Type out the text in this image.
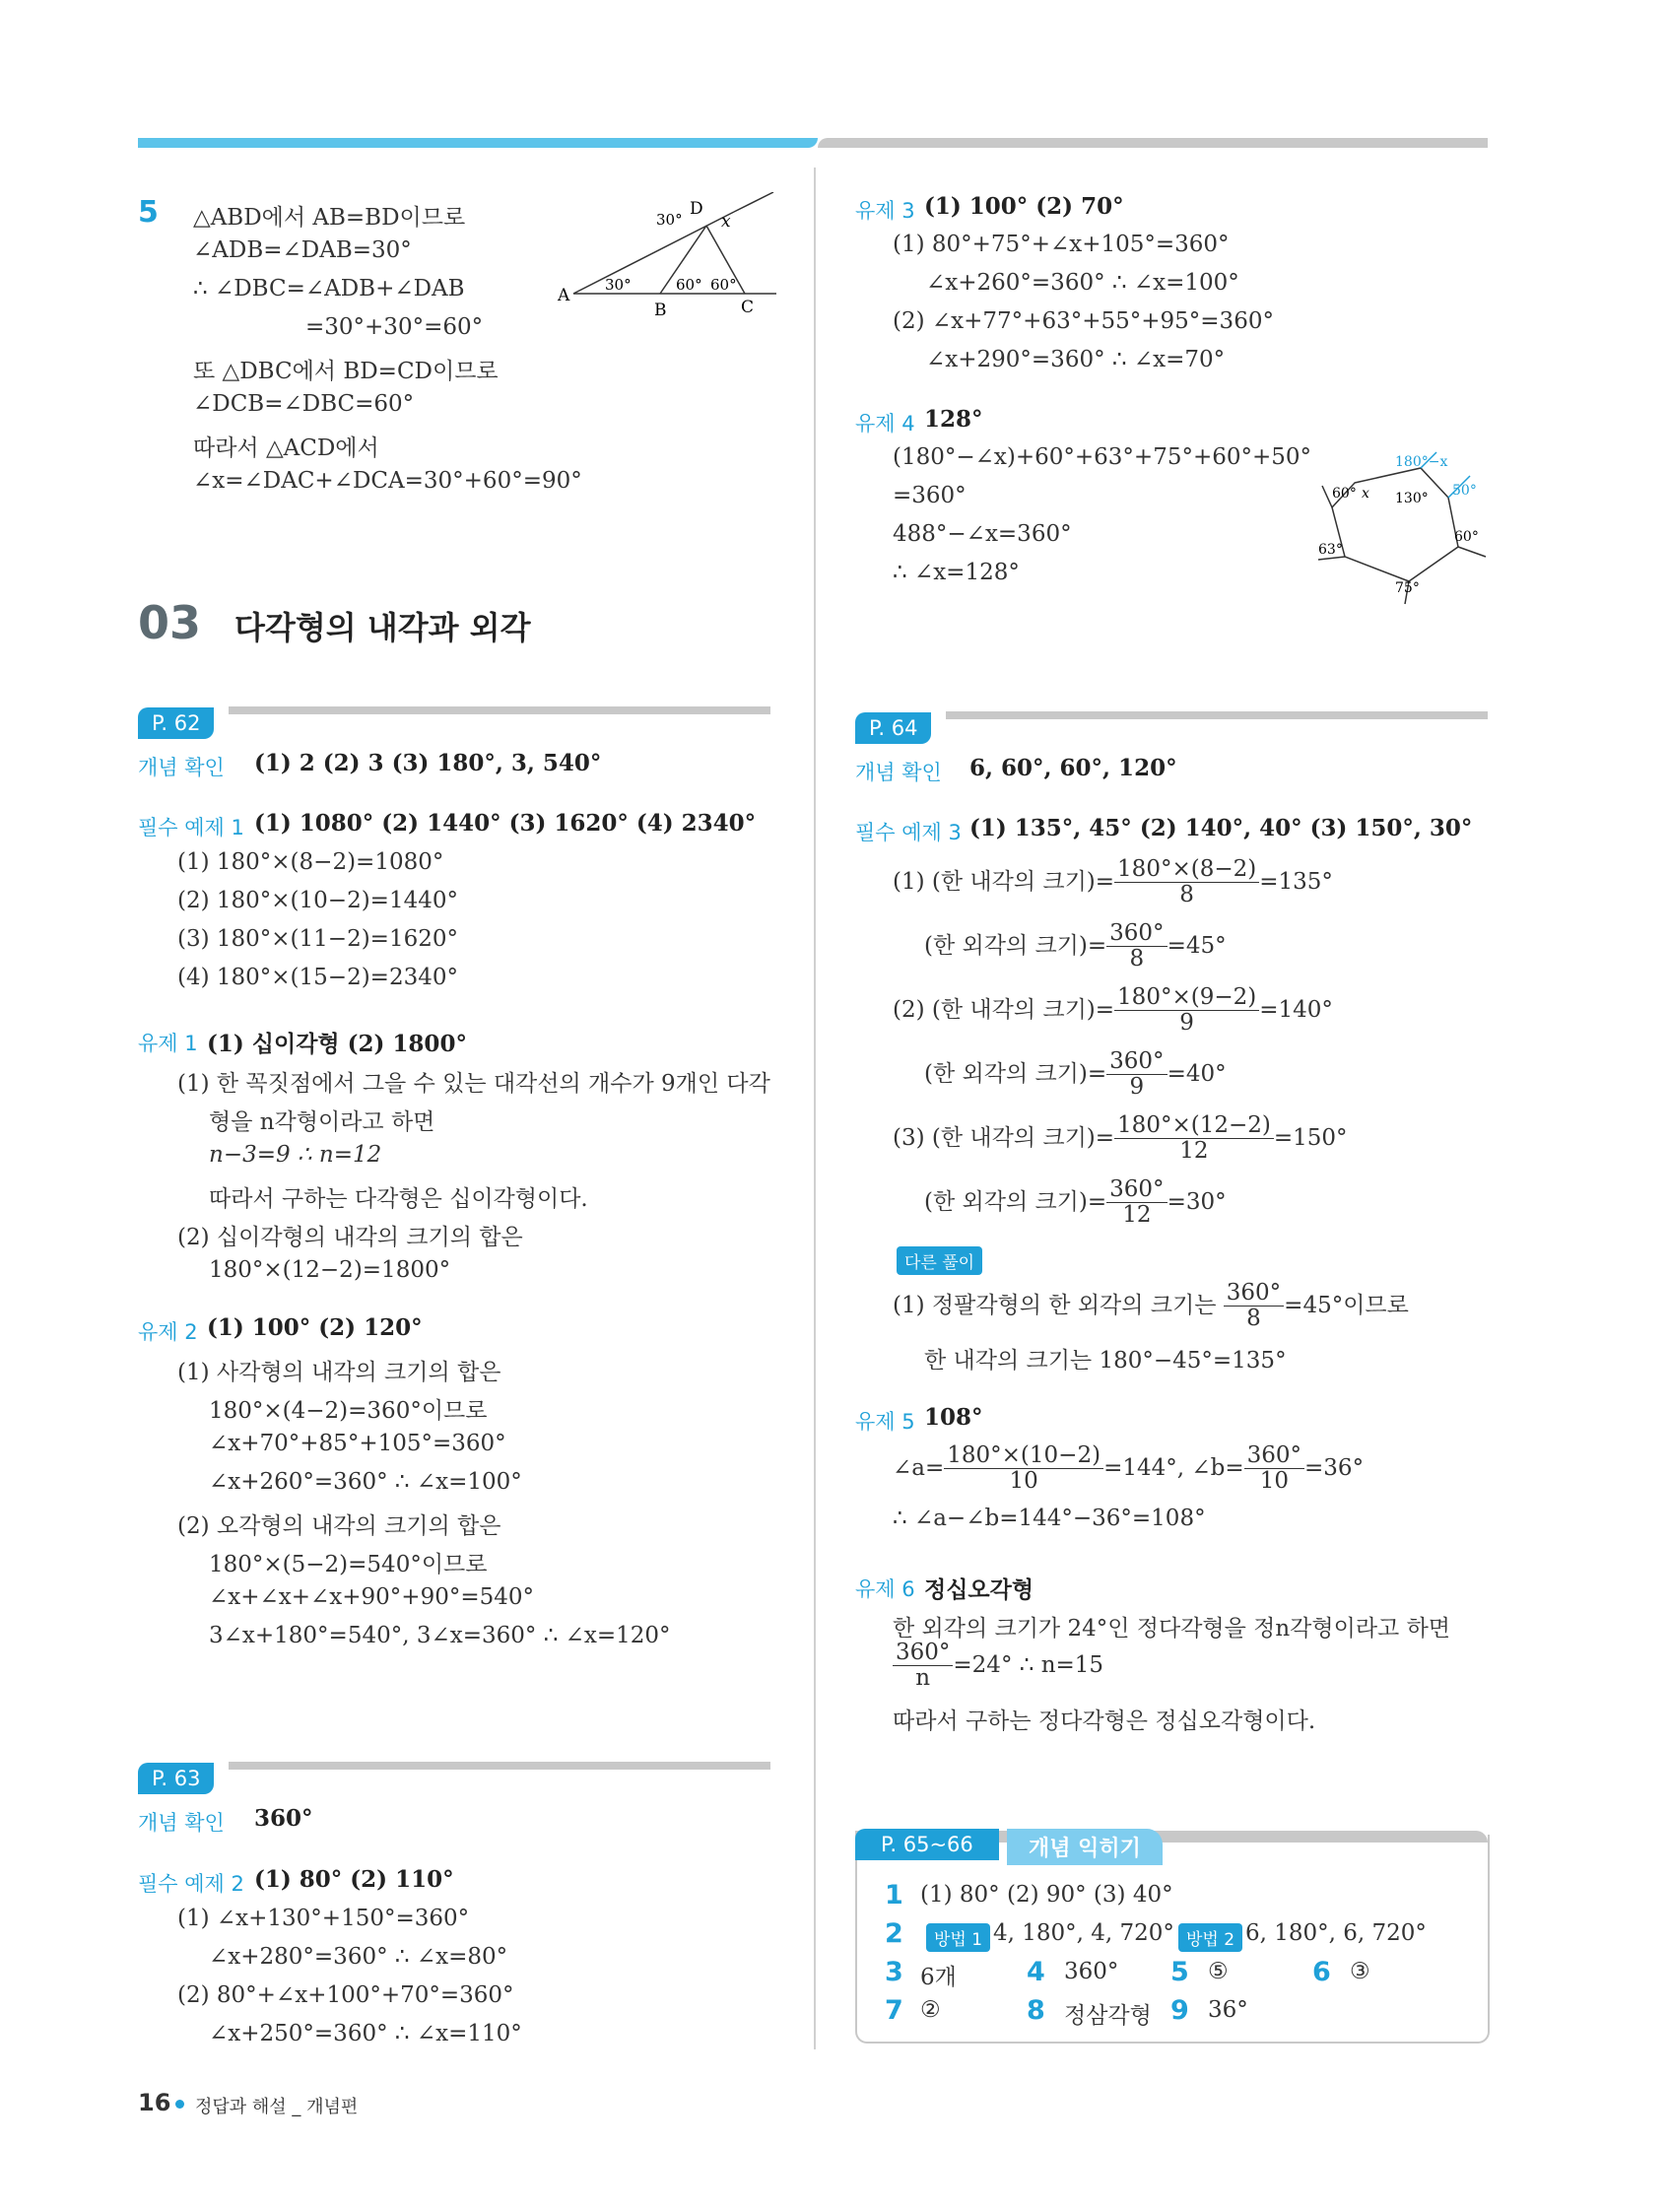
5 △ABD에서 AB=BD이므로
∠ADB=∠DAB=30°
∴ ∠DBC=∠ADB+∠DAB
=30°+30°=60°
또 △DBC에서 BD=CD이므로
∠DCB=∠DBC=60°
따라서 △ACD에서
∠x=∠DAC+∠DCA=30°+60°=90°
A
B	C
D
30°
30°	60° 60°
x
03 다각형의 내각과 외각
P. 62
개념 확인 (1) 2 (2) 3 (3) 180°, 3, 540°
필수 예제 1 (1) 1080° (2) 1440° (3) 1620° (4) 2340°
(1) 180°×(8−2)=1080°
(2) 180°×(10−2)=1440°
(3) 180°×(11−2)=1620°
(4) 180°×(15−2)=2340°
유제 1 (1) 십이각형 (2) 1800°
(1) 한 꼭짓점에서 그을 수 있는 대각선의 개수가 9개인 다각
형을 n각형이라고 하면
n−3=9 ∴ n=12
따라서 구하는 다각형은 십이각형이다.
(2) 십이각형의 내각의 크기의 합은
180°×(12−2)=1800°
유제 2 (1) 100° (2) 120°
(1) 사각형의 내각의 크기의 합은
180°×(4−2)=360°이므로
∠x+70°+85°+105°=360°
∠x+260°=360° ∴ ∠x=100°
(2) 오각형의 내각의 크기의 합은
180°×(5−2)=540°이므로
∠x+∠x+∠x+90°+90°=540°
3∠x+180°=540°, 3∠x=360° ∴ ∠x=120°
P. 63
개념 확인 360°
필수 예제 2 (1) 80° (2) 110°
(1) ∠x+130°+150°=360°
∠x+280°=360° ∴ ∠x=80°
(2) 80°+∠x+100°+70°=360°
∠x+250°=360° ∴ ∠x=110°
유제 3 (1) 100° (2) 70°
(1) 80°+75°+∠x+105°=360°
∠x+260°=360° ∴ ∠x=100°
(2) ∠x+77°+63°+55°+95°=360°
∠x+290°=360° ∴ ∠x=70°
유제 4 128°
(180°−∠x)+60°+63°+75°+60°+50°
=360°
488°−∠x=360°
∴ ∠x=128°
180°−x
50°
60° x 130°
63°
60°
75°
P. 64
개념 확인 6, 60°, 60°, 120°
필수 예제 3 (1) 135°, 45° (2) 140°, 40° (3) 150°, 30°
(1) (한 내각의 크기)= $\frac{180^\circ\times(8-2)}{8} =135^\circ$
(한 외각의 크기)= $\frac{360^\circ}{8} =45^\circ$
(2) (한 내각의 크기)= $\frac{180^\circ\times(9-2)}{9} =140^\circ$
(한 외각의 크기)= $\frac{360^\circ}{9} =40^\circ$
(3) (한 내각의 크기)= $\frac{180^\circ\times(12-2)}{12} =150^\circ$
(한 외각의 크기)= $\frac{360^\circ}{12} =30^\circ$
다른 풀이
(1) 정팔각형의 한 외각의 크기는 $\frac{360^\circ}{8} =45^\circ$이므로
한 내각의 크기는 180°−45°=135°
유제 5 108°
∠a= $\frac{180^\circ\times(10-2)}{10} =144^\circ$, ∠b= $\frac{360^\circ}{10} =36^\circ$
∴ ∠a−∠b=144°−36°=108°
유제 6 정십오각형
한 외각의 크기가 24°인 정다각형을 정n각형이라고 하면
$\frac{360^\circ}{n} =24^\circ$ ∴ n=15
따라서 구하는 정다각형은 정십오각형이다.
P. 65~66	개념 익히기
1 (1) 80° (2) 90° (3) 40°
2	방법 1 4, 180°, 4, 720° 방법 2 6, 180°, 6, 720°
3 6개	4 360° 5 ⑤	6 ③
7 ②	8 정삼각형 9 36°
16 정답과 해설 _ 개념편
